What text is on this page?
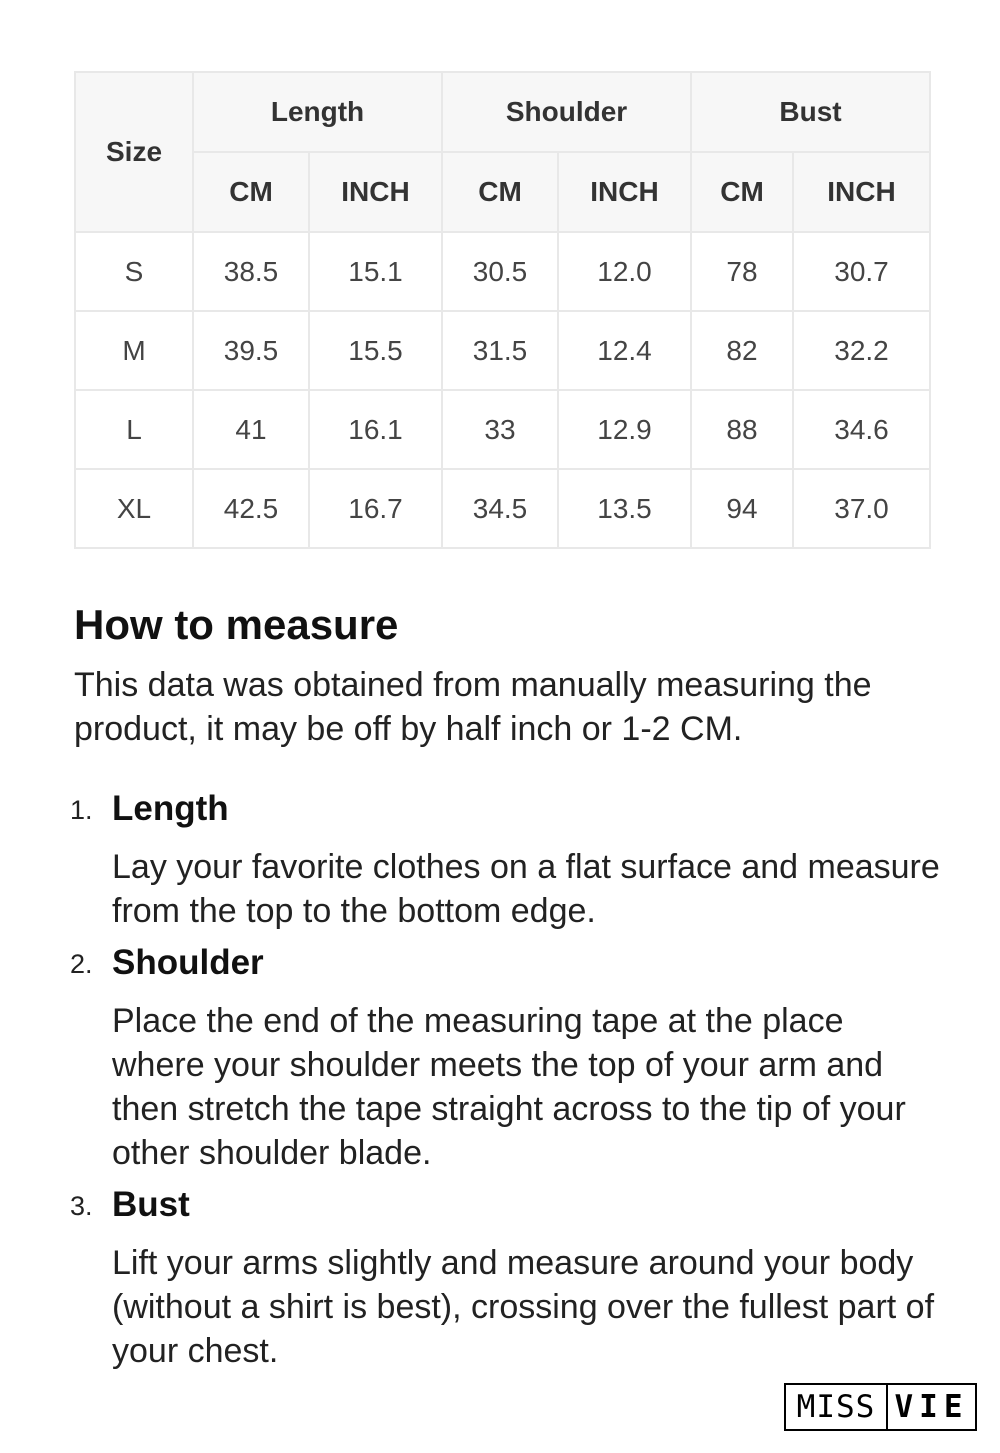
Size	Length		Shoulder		Bust	
	CM	INCH	CM	INCH	CM	INCH
S	38.5	15.1	30.5	12.0	78	30.7
M	39.5	15.5	31.5	12.4	82	32.2
L	41	16.1	33	12.9	88	34.6
XL	42.5	16.7	34.5	13.5	94	37.0
How to measure

This data was obtained from manually measuring the product, it may be off by half inch or 1-2 CM.

1. Length

Lay your favorite clothes on a flat surface and measure from the top to the bottom edge.

2. Shoulder

Place the end of the measuring tape at the place where your shoulder meets the top of your arm and then stretch the tape straight across to the tip of your other shoulder blade.

3. Bust

Lift your arms slightly and measure around your body (without a shirt is best), crossing over the fullest part of your chest.

MISS VIE
